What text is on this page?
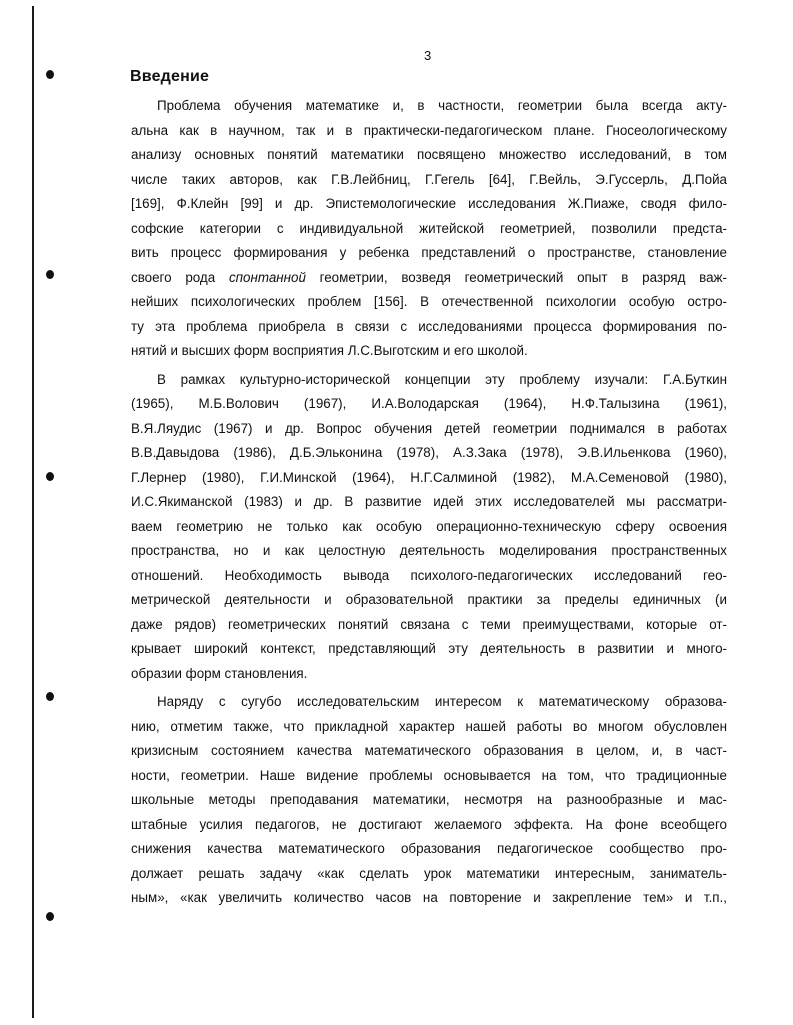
3
Введение
Проблема обучения математике и, в частности, геометрии была всегда акту-
альна как в научном, так и в практически-педагогическом плане. Гносеологическому
анализу основных понятий математики посвящено множество исследований, в том
числе таких авторов, как Г.В.Лейбниц, Г.Гегель [64], Г.Вейль, Э.Гуссерль, Д.Пойа
[169], Ф.Клейн [99] и др. Эпистемологические исследования Ж.Пиаже, сводя фило-
софские категории с индивидуальной житейской геометрией, позволили предста-
вить процесс формирования у ребенка представлений о пространстве, становление
своего рода спонтанной геометрии, возведя геометрический опыт в разряд важ-
нейших психологических проблем [156]. В отечественной психологии особую остро-
ту эта проблема приобрела в связи с исследованиями процесса формирования по-
нятий и высших форм восприятия Л.С.Выготским и его школой.
В рамках культурно-исторической концепции эту проблему изучали: Г.А.Буткин
(1965), М.Б.Волович (1967), И.А.Володарская (1964), Н.Ф.Талызина (1961),
В.Я.Ляудис (1967) и др. Вопрос обучения детей геометрии поднимался в работах
В.В.Давыдова (1986), Д.Б.Эльконина (1978), А.З.Зака (1978), Э.В.Ильенкова (1960),
Г.Лернер (1980), Г.И.Минской (1964), Н.Г.Салминой (1982), М.А.Семеновой (1980),
И.С.Якиманской (1983) и др. В развитие идей этих исследователей мы рассматри-
ваем геометрию не только как особую операционно-техническую сферу освоения
пространства, но и как целостную деятельность моделирования пространственных
отношений. Необходимость вывода психолого-педагогических исследований гео-
метрической деятельности и образовательной практики за пределы единичных (и
даже рядов) геометрических понятий связана с теми преимуществами, которые от-
крывает широкий контекст, представляющий эту деятельность в развитии и много-
образии форм становления.
Наряду с сугубо исследовательским интересом к математическому образова-
нию, отметим также, что прикладной характер нашей работы во многом обусловлен
кризисным состоянием качества математического образования в целом, и, в част-
ности, геометрии. Наше видение проблемы основывается на том, что традиционные
школьные методы преподавания математики, несмотря на разнообразные и мас-
штабные усилия педагогов, не достигают желаемого эффекта. На фоне всеобщего
снижения качества математического образования педагогическое сообщество про-
должает решать задачу «как сделать урок математики интересным, заниматель-
ным», «как увеличить количество часов на повторение и закрепление тем» и т.п.,
